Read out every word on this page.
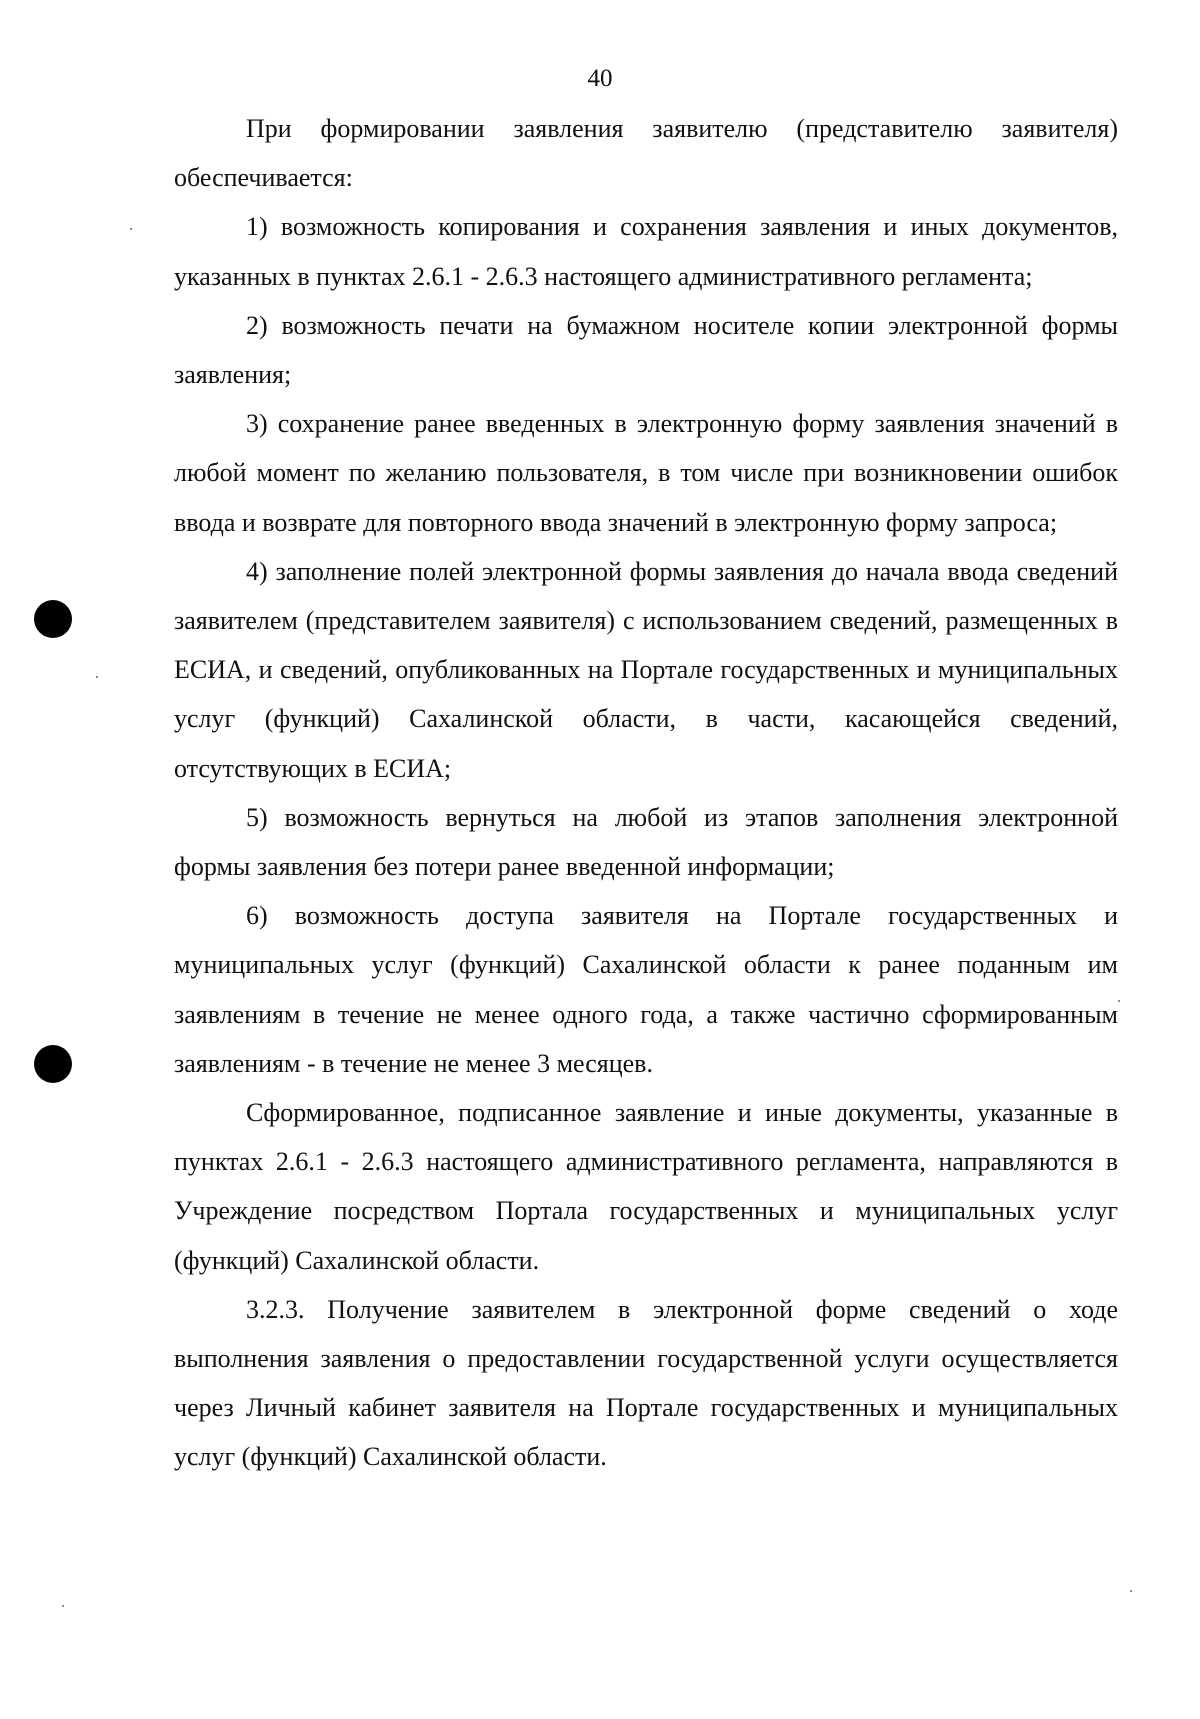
40

При формировании заявления заявителю (представителю заявителя) обеспечивается:

1) возможность копирования и сохранения заявления и иных документов, указанных в пунктах 2.6.1 - 2.6.3 настоящего административного регламента;

2) возможность печати на бумажном носителе копии электронной формы заявления;

3) сохранение ранее введенных в электронную форму заявления значений в любой момент по желанию пользователя, в том числе при возникновении ошибок ввода и возврате для повторного ввода значений в электронную форму запроса;

4) заполнение полей электронной формы заявления до начала ввода сведений заявителем (представителем заявителя) с использованием сведений, размещенных в ЕСИА, и сведений, опубликованных на Портале государственных и муниципальных услуг (функций) Сахалинской области, в части, касающейся сведений, отсутствующих в ЕСИА;

5) возможность вернуться на любой из этапов заполнения электронной формы заявления без потери ранее введенной информации;

6) возможность доступа заявителя на Портале государственных и муниципальных услуг (функций) Сахалинской области к ранее поданным им заявлениям в течение не менее одного года, а также частично сформированным заявлениям - в течение не менее 3 месяцев.

Сформированное, подписанное заявление и иные документы, указанные в пунктах 2.6.1 - 2.6.3 настоящего административного регламента, направляются в Учреждение посредством Портала государственных и муниципальных услуг (функций) Сахалинской области.

3.2.3. Получение заявителем в электронной форме сведений о ходе выполнения заявления о предоставлении государственной услуги осуществляется через Личный кабинет заявителя на Портале государственных и муниципальных услуг (функций) Сахалинской области.
